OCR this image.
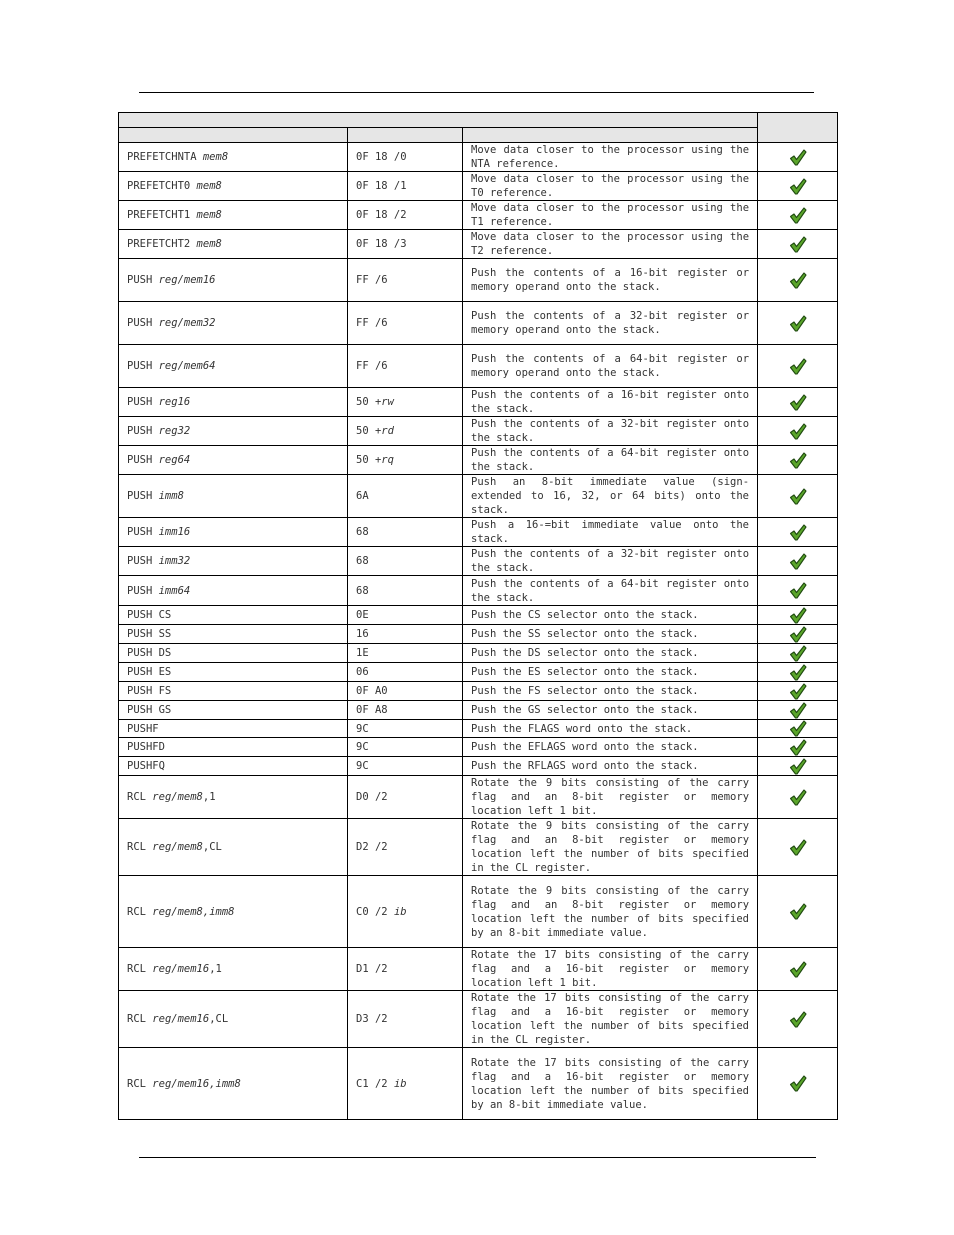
PREFETCHNTA mem8	0F 18 /0	Move data closer to the processor using the NTA reference.	

PREFETCHT0 mem8	0F 18 /1	Move data closer to the processor using the T0 reference.	

PREFETCHT1 mem8	0F 18 /2	Move data closer to the processor using the T1 reference.	

PREFETCHT2 mem8	0F 18 /3	Move data closer to the processor using the T2 reference.	

PUSH reg/mem16	FF /6	Push the contents of a 16-bit register or memory operand onto the stack.	

PUSH reg/mem32	FF /6	Push the contents of a 32-bit register or memory operand onto the stack.	

PUSH reg/mem64	FF /6	Push the contents of a 64-bit register or memory operand onto the stack.	

PUSH reg16	50 +rw	Push the contents of a 16-bit register onto the stack.	

PUSH reg32	50 +rd	Push the contents of a 32-bit register onto the stack.	

PUSH reg64	50 +rq	Push the contents of a 64-bit register onto the stack.	

PUSH imm8	6A	Push an 8-bit immediate value (sign-extended to 16, 32, or 64 bits) onto the stack.	

PUSH imm16	68	Push a 16-=bit immediate value onto the stack.	

PUSH imm32	68	Push the contents of a 32-bit register onto the stack.	

PUSH imm64	68	Push the contents of a 64-bit register onto the stack.	

PUSH CS	0E	Push the CS selector onto the stack.	

PUSH SS	16	Push the SS selector onto the stack.	

PUSH DS	1E	Push the DS selector onto the stack.	

PUSH ES	06	Push the ES selector onto the stack.	

PUSH FS	0F A0	Push the FS selector onto the stack.	

PUSH GS	0F A8	Push the GS selector onto the stack.	

PUSHF	9C	Push the FLAGS word onto the stack.	

PUSHFD	9C	Push the EFLAGS word onto the stack.	

PUSHFQ	9C	Push the RFLAGS word onto the stack.	

RCL reg/mem8,1	D0 /2	Rotate the 9 bits consisting of the carry flag and an 8-bit register or memory location left 1 bit.	

RCL reg/mem8,CL	D2 /2	Rotate the 9 bits consisting of the carry flag and an 8-bit register or memory location left the number of bits specified in the CL register.	

RCL reg/mem8,imm8	C0 /2 ib	Rotate the 9 bits consisting of the carry flag and an 8-bit register or memory location left the number of bits specified by an 8-bit immediate value.	

RCL reg/mem16,1	D1 /2	Rotate the 17 bits consisting of the carry flag and a 16-bit register or memory location left 1 bit.	

RCL reg/mem16,CL	D3 /2	Rotate the 17 bits consisting of the carry flag and a 16-bit register or memory location left the number of bits specified in the CL register.	

RCL reg/mem16,imm8	C1 /2 ib	Rotate the 17 bits consisting of the carry flag and a 16-bit register or memory location left the number of bits specified by an 8-bit immediate value.	
